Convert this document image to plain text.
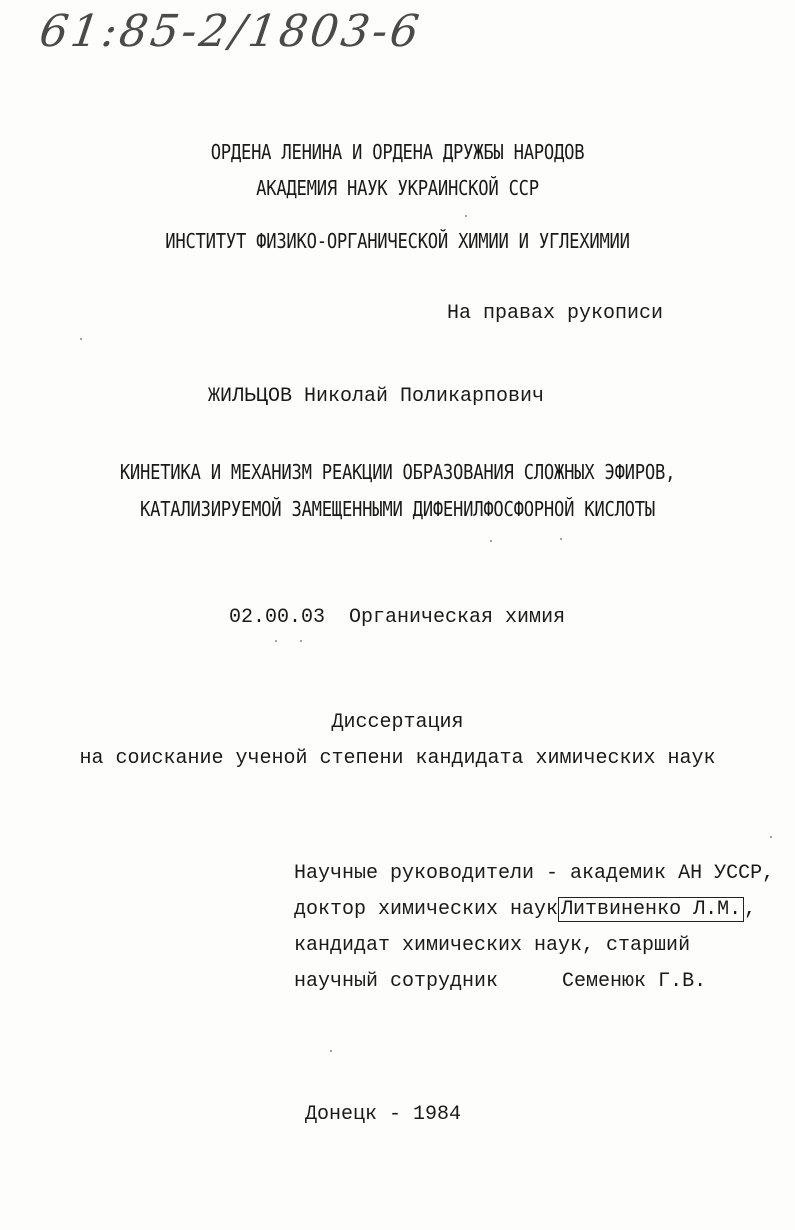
61:85-2/1803-6
ОРДЕНА ЛЕНИНА И ОРДЕНА ДРУЖБЫ НАРОДОВ
АКАДЕМИЯ НАУК УКРАИНСКОЙ ССР
ИНСТИТУТ ФИЗИКО-ОРГАНИЧЕСКОЙ ХИМИИ И УГЛЕХИМИИ
На правах рукописи
ЖИЛЬЦОВ Николай Поликарпович
КИНЕТИКА И МЕХАНИЗМ РЕАКЦИИ ОБРАЗОВАНИЯ СЛОЖНЫХ ЭФИРОВ,
КАТАЛИЗИРУЕМОЙ ЗАМЕЩЕННЫМИ ДИФЕНИЛФОСФОРНОЙ КИСЛОТЫ
02.00.03 Органическая химия
Диссертация
на соискание ученой степени кандидата химических наук
Научные руководители - академик АН УССР,
доктор химических наук Литвиненко Л.М. ,
кандидат химических наук, старший
научный сотрудник	Семенюк Г.В.
Донецк - 1984
